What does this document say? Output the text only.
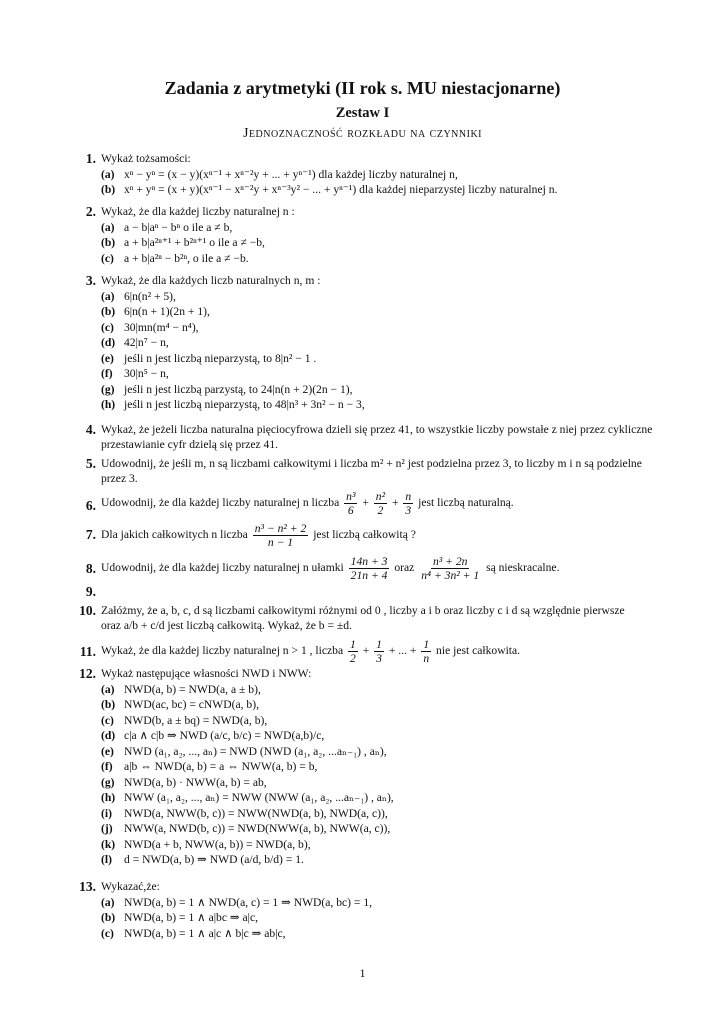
Zadania z arytmetyki (II rok s. MU niestacjonarne)
Zestaw I
Jednoznaczność rozkładu na czynniki
1. Wykaż tożsamości:
(a) xⁿ − yⁿ = (x − y)(xⁿ⁻¹ + xⁿ⁻²y + ... + yⁿ⁻¹) dla każdej liczby naturalnej n,
(b) xⁿ + yⁿ = (x + y)(xⁿ⁻¹ − xⁿ⁻²y + xⁿ⁻³y² − ... + yⁿ⁻¹) dla każdej nieparzystej liczby naturalnej n.
2. Wykaż, że dla każdej liczby naturalnej n :
(a) a − b|aⁿ − bⁿ o ile a ≠ b,
(b) a + b|a²ⁿ⁺¹ + b²ⁿ⁺¹ o ile a ≠ −b,
(c) a + b|a²ⁿ − b²ⁿ, o ile a ≠ −b.
3. Wykaż, że dla każdych liczb naturalnych n, m :
(a) 6|n(n² + 5),
(b) 6|n(n + 1)(2n + 1),
(c) 30|mn(m⁴ − n⁴),
(d) 42|n⁷ − n,
(e) jeśli n jest liczbą nieparzystą, to 8|n² − 1 .
(f) 30|n⁵ − n,
(g) jeśli n jest liczbą parzystą, to 24|n(n + 2)(2n − 1),
(h) jeśli n jest liczbą nieparzystą, to 48|n³ + 3n² − n − 3,
4. Wykaż, że jeżeli liczba naturalna pięciocyfrowa dzieli się przez 41, to wszystkie liczby powstałe z niej przez cykliczne przestawianie cyfr dzielą się przez 41.
5. Udowodnij, że jeśli m, n są liczbami całkowitymi i liczba m² + n² jest podzielna przez 3, to liczby m i n są podzielne przez 3.
6. Udowodnij, że dla każdej liczby naturalnej n liczba $\frac{\text{n³}}{6} + \frac{\text{n²}}{2} + \frac{n}{3}$ jest liczbą naturalną.
7. Dla jakich całkowitych n liczba $\frac{\text{n³ − n² + 2}}{n - 1}$ jest liczbą całkowitą ?
8. Udowodnij, że dla każdej liczby naturalnej n ułamki $\frac{14n + 3}{21n + 4}$ oraz $\frac{\text{n³ + 2n}}{\text{n⁴ + 3n² + 1}}$ są nieskracalne.
9.
10. Załóżmy, że a, b, c, d są liczbami całkowitymi różnymi od 0 , liczby a i b oraz liczby c i d są względnie pierwsze
oraz a/b + c/d jest liczbą całkowitą. Wykaż, że b = ±d.
11. Wykaż, że dla każdej liczby naturalnej n > 1 , liczba $\frac{1}{2} + \frac{1}{3}$ + ... + $\frac{1}{n}$ nie jest całkowita.
12. Wykaż następujące własności NWD i NWW:
(a) NWD(a, b) = NWD(a, a ± b),
(b) NWD(ac, bc) = cNWD(a, b),
(c) NWD(b, a ± bq) = NWD(a, b),
(d) c|a ∧ c|b ⇒ NWD (a/c, b/c) = NWD(a,b)/c,
(e) NWD (a₁, a₂, ..., aₙ) = NWD (NWD (a₁, a₂, ...aₙ₋₁) , aₙ),
(f) a|b ⇔ NWD(a, b) = a ⇔ NWW(a, b) = b,
(g) NWD(a, b) · NWW(a, b) = ab,
(h) NWW (a₁, a₂, ..., aₙ) = NWW (NWW (a₁, a₂, ...aₙ₋₁) , aₙ),
(i)	NWD(a, NWW(b, c)) = NWW(NWD(a, b), NWD(a, c)),
(j) NWW(a, NWD(b, c)) = NWD(NWW(a, b), NWW(a, c)),
(k) NWD(a + b, NWW(a, b)) = NWD(a, b),
(l)	d = NWD(a, b) ⇒ NWD (a/d, b/d) = 1.
13. Wykazać,że:
(a) NWD(a, b) = 1 ∧ NWD(a, c) = 1 ⇒ NWD(a, bc) = 1,
(b) NWD(a, b) = 1 ∧ a|bc ⇒ a|c,
(c) NWD(a, b) = 1 ∧ a|c ∧ b|c ⇒ ab|c,
1
